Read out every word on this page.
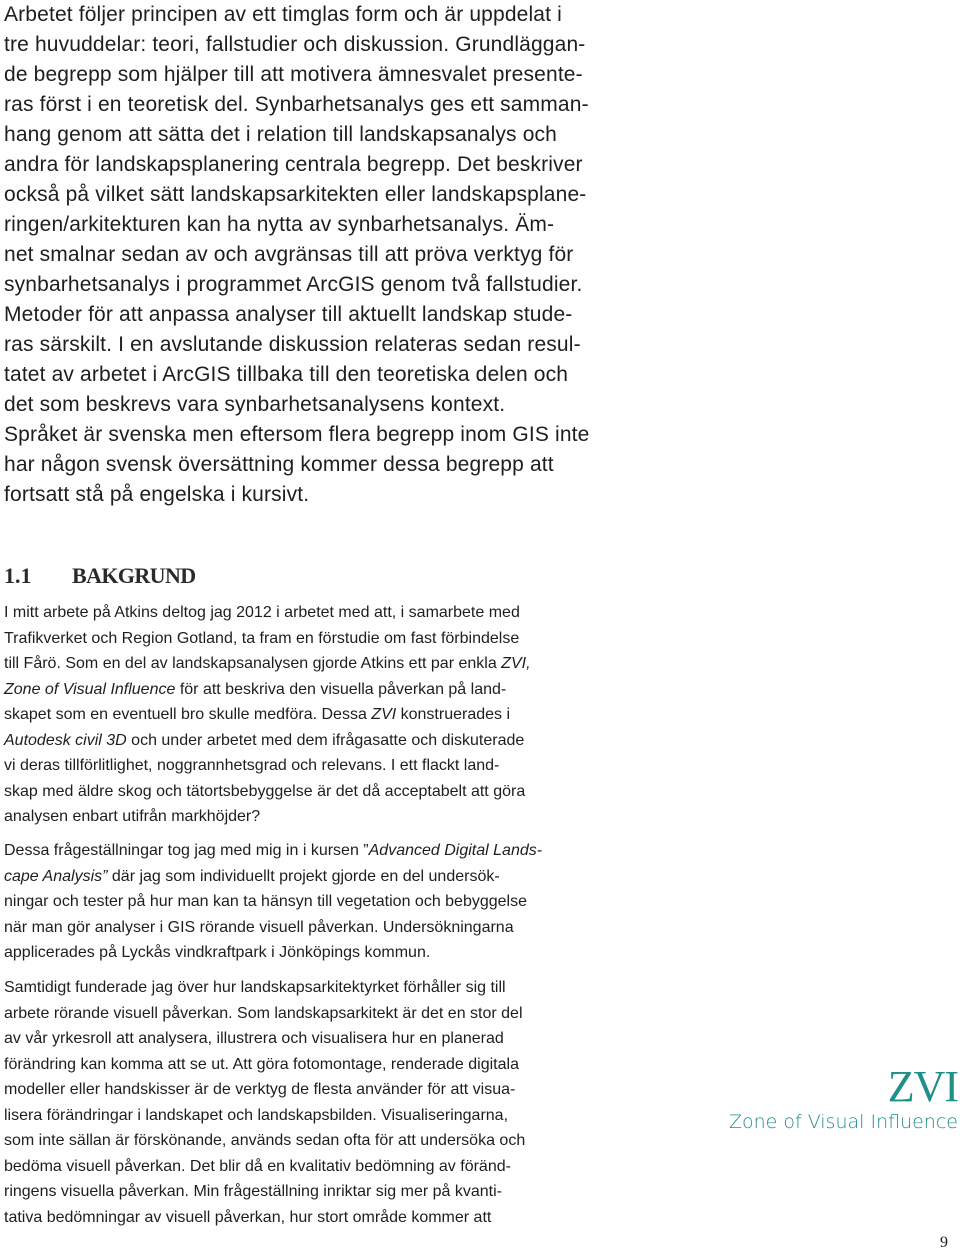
Arbetet följer principen av ett timglas form och är uppdelat i
tre huvuddelar: teori, fallstudier och diskussion. Grundläggan-
de begrepp som hjälper till att motivera ämnesvalet presente-
ras först i en teoretisk del. Synbarhetsanalys ges ett samman-
hang genom att sätta det i relation till landskapsanalys och
andra för landskapsplanering centrala begrepp. Det beskriver
också på vilket sätt landskapsarkitekten eller landskapsplane-
ringen/arkitekturen kan ha nytta av synbarhetsanalys. Äm-
net smalnar sedan av och avgränsas till att pröva verktyg för
synbarhetsanalys i programmet ArcGIS genom två fallstudier.
Metoder för att anpassa analyser till aktuellt landskap stude-
ras särskilt. I en avslutande diskussion relateras sedan resul-
tatet av arbetet i ArcGIS tillbaka till den teoretiska delen och
det som beskrevs vara synbarhetsanalysens kontext.
Språket är svenska men eftersom flera begrepp inom GIS inte
har någon svensk översättning kommer dessa begrepp att
fortsatt stå på engelska i kursivt.
1.1 BAKGRUND
I mitt arbete på Atkins deltog jag 2012 i arbetet med att, i samarbete med
Trafikverket och Region Gotland, ta fram en förstudie om fast förbindelse
till Fårö. Som en del av landskapsanalysen gjorde Atkins ett par enkla ZVI,
Zone of Visual Influence för att beskriva den visuella påverkan på land-
skapet som en eventuell bro skulle medföra. Dessa ZVI konstruerades i
Autodesk civil 3D och under arbetet med dem ifrågasatte och diskuterade
vi deras tillförlitlighet, noggrannhetsgrad och relevans. I ett flackt land-
skap med äldre skog och tätortsbebyggelse är det då acceptabelt att göra
analysen enbart utifrån markhöjder?
Dessa frågeställningar tog jag med mig in i kursen ”Advanced Digital Lands-
cape Analysis” där jag som individuellt projekt gjorde en del undersök-
ningar och tester på hur man kan ta hänsyn till vegetation och bebyggelse
när man gör analyser i GIS rörande visuell påverkan. Undersökningarna
applicerades på Lyckås vindkraftpark i Jönköpings kommun.
Samtidigt funderade jag över hur landskapsarkitektyrket förhåller sig till
arbete rörande visuell påverkan. Som landskapsarkitekt är det en stor del
av vår yrkesroll att analysera, illustrera och visualisera hur en planerad
förändring kan komma att se ut. Att göra fotomontage, renderade digitala
modeller eller handskisser är de verktyg de flesta använder för att visua-
lisera förändringar i landskapet och landskapsbilden. Visualiseringarna,
som inte sällan är förskönande, används sedan ofta för att undersöka och
bedöma visuell påverkan. Det blir då en kvalitativ bedömning av föränd-
ringens visuella påverkan. Min frågeställning inriktar sig mer på kvanti-
tativa bedömningar av visuell påverkan, hur stort område kommer att
ZVI
Zone of Visual Influence
9
